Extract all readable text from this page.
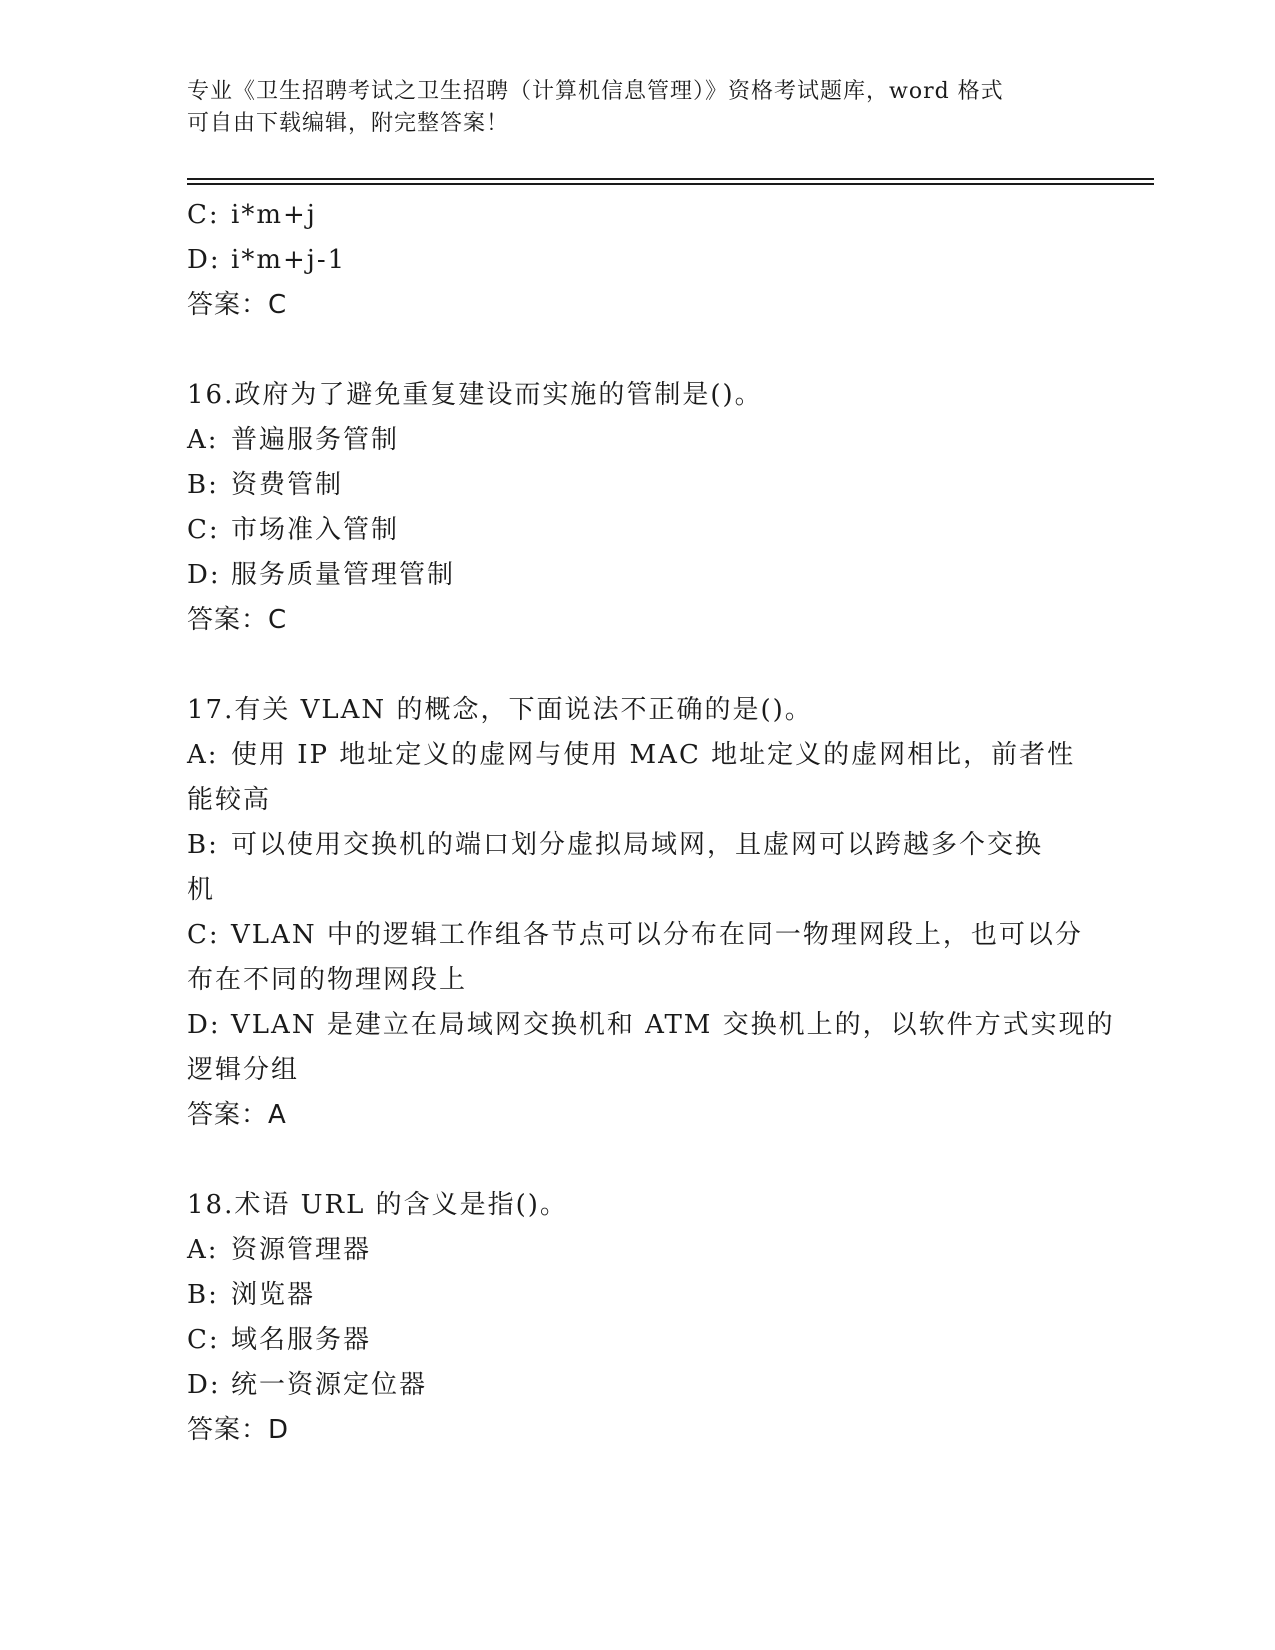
专业《卫生招聘考试之卫生招聘（计算机信息管理）》资格考试题库，word 格式
可自由下载编辑，附完整答案！
C: i*m+j
D: i*m+j-1
答案：C
16.政府为了避免重复建设而实施的管制是()。
A: 普遍服务管制
B: 资费管制
C: 市场准入管制
D: 服务质量管理管制
答案：C
17.有关 VLAN 的概念，下面说法不正确的是()。
A: 使用 IP 地址定义的虚网与使用 MAC 地址定义的虚网相比，前者性
能较高
B: 可以使用交换机的端口划分虚拟局域网，且虚网可以跨越多个交换
机
C: VLAN 中的逻辑工作组各节点可以分布在同一物理网段上，也可以分
布在不同的物理网段上
D: VLAN 是建立在局域网交换机和 ATM 交换机上的，以软件方式实现的
逻辑分组
答案：A
18.术语 URL 的含义是指()。
A: 资源管理器
B: 浏览器
C: 域名服务器
D: 统一资源定位器
答案：D
